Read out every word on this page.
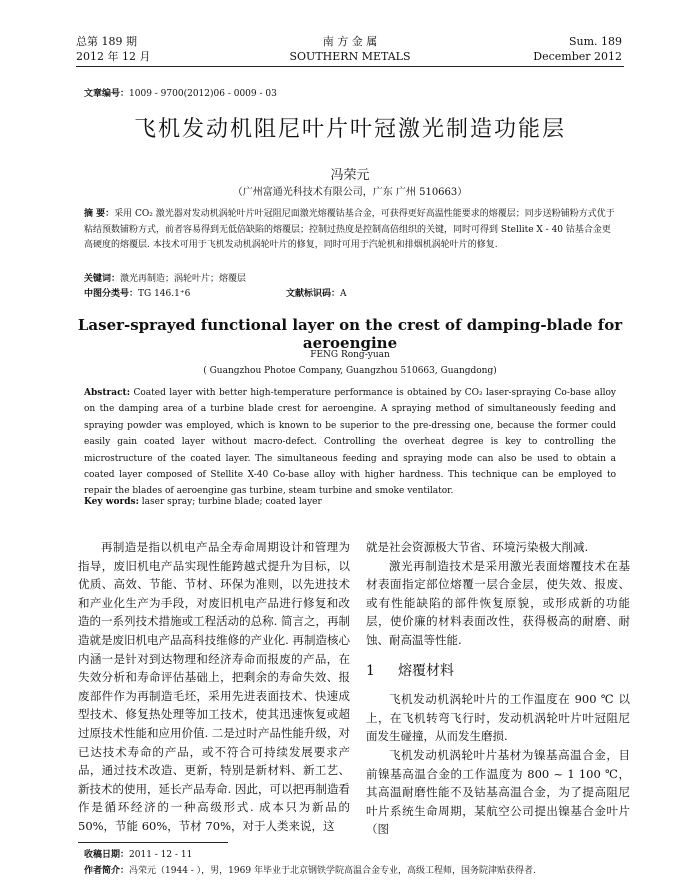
总第 189 期
2012 年 12 月
南 方 金 属
SOUTHERN METALS
Sum. 189
December 2012
文章编号：1009 - 9700(2012)06 - 0009 - 03
飞机发动机阻尼叶片叶冠激光制造功能层
冯荣元
（广州富通光科技术有限公司，广东 广州 510663）
摘 要：采用 CO₂ 激光器对发动机涡轮叶片叶冠阻尼面激光熔覆钴基合金，可获得更好高温性能要求的熔覆层；同步送粉铺粉方式优于粘结预数铺粉方式，前者容易得到无低倍缺陷的熔覆层；控制过热度是控制高倍组织的关键，同时可得到 Stellite X - 40 钴基合金更高硬度的熔覆层. 本技术可用于飞机发动机涡轮叶片的修复，同时可用于汽轮机和排烟机涡轮叶片的修复.
关键词：激光再制造；涡轮叶片；熔覆层
中图分类号：TG 146.1⁺6	文献标识码：A
Laser-sprayed functional layer on the crest of damping-blade for aeroengine
FENG Rong-yuan
( Guangzhou Photoe Company, Guangzhou 510663, Guangdong)
Abstract: Coated layer with better high-temperature performance is obtained by CO₂ laser-spraying Co-base alloy on the damping area of a turbine blade crest for aeroengine. A spraying method of simultaneously feeding and spraying powder was employed, which is known to be superior to the pre-dressing one, because the former could easily gain coated layer without macro-defect. Controlling the overheat degree is key to controlling the microstructure of the coated layer. The simultaneous feeding and spraying mode can also be used to obtain a coated layer composed of Stellite X-40 Co-base alloy with higher hardness. This technique can be employed to repair the blades of aeroengine gas turbine, steam turbine and smoke ventilator.
Key words: laser spray; turbine blade; coated layer

再制造是指以机电产品全寿命周期设计和管理为指导，废旧机电产品实现性能跨越式提升为目标，以优质、高效、节能、节材、环保为准则，以先进技术和产业化生产为手段，对废旧机电产品进行修复和改造的一系列技术措施或工程活动的总称. 简言之，再制造就是废旧机电产品高科技维修的产业化. 再制造核心内涵一是针对到达物理和经济寿命而报废的产品，在失效分析和寿命评估基础上，把剩余的寿命失效、报废部件作为再制造毛坯，采用先进表面技术、快速成型技术、修复热处理等加工技术，使其迅速恢复或超过原技术性能和应用价值. 二是过时产品性能升级，对已达技术寿命的产品，或不符合可持续发展要求产品，通过技术改造、更新，特别是新材料、新工艺、新技术的使用，延长产品寿命. 因此，可以把再制造看作是循环经济的一种高级形式. 成本只为新品的 50%，节能 60%，节材 70%，对于人类来说，这

就是社会资源极大节省、环境污染极大削减.

激光再制造技术是采用激光表面熔覆技术在基材表面指定部位熔覆一层合金层，使失效、报废、或有性能缺陷的部件恢复原貌，或形成新的功能层，使价廉的材料表面改性，获得极高的耐磨、耐蚀、耐高温等性能.

1 熔覆材料

飞机发动机涡轮叶片的工作温度在 900 ℃ 以上，在飞机转弯飞行时，发动机涡轮叶片叶冠阻尼面发生碰撞，从而发生磨损.

飞机发动机涡轮叶片基材为镍基高温合金，目前镍基高温合金的工作温度为 800 ~ 1 100 ℃，其高温耐磨性能不及钴基高温合金，为了提高阻尼叶片系统生命周期，某航空公司提出镍基合金叶片（图

收稿日期：2011 - 12 - 11
作者简介：冯荣元（1944 - ），男，1969 年毕业于北京钢铁学院高温合金专业，高级工程师，国务院津贴获得者.
